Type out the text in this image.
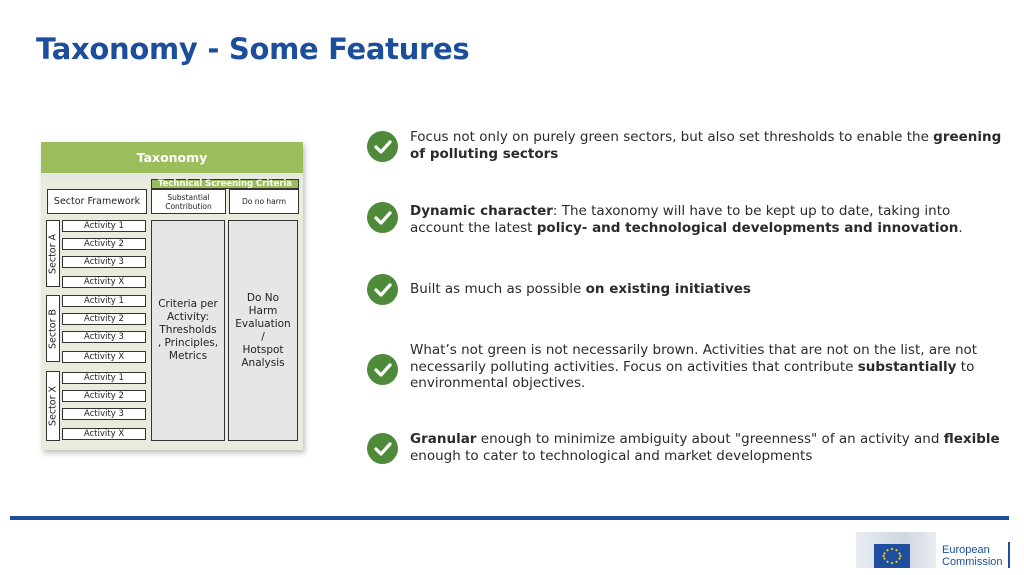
Taxonomy - Some Features
Taxonomy
Technical Screening Criteria
Sector Framework	Substantial Contribution	Do no harm
Sector A
Activity 1
Activity 2
Activity 3
Activity X
Sector B
Activity 1
Activity 2
Activity 3
Activity X
Sector X
Activity 1
Activity 2
Activity 3
Activity X
Criteria per
Activity:
Thresholds
, Principles,
Metrics
Do No
Harm
Evaluation
/
Hotspot
Analysis
Focus not only on purely green sectors, but also set thresholds to enable the greening of polluting sectors
Dynamic character: The taxonomy will have to be kept up to date, taking into account the latest policy- and technological developments and innovation.
Built as much as possible on existing initiatives
What’s not green is not necessarily brown. Activities that are not on the list, are not necessarily polluting activities. Focus on activities that contribute substantially to environmental objectives.
Granular enough to minimize ambiguity about "greenness" of an activity and flexible enough to cater to technological and market developments
European
Commission
